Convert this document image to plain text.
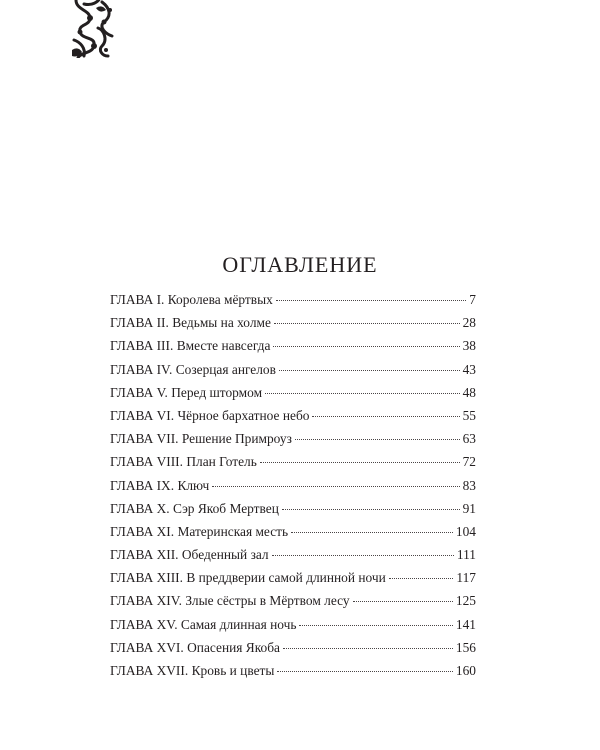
ОГЛАВЛЕНИЕ
ГЛАВА I. Королева мёртвых	7
ГЛАВА II. Ведьмы на холме	28
ГЛАВА III. Вместе навсегда	38
ГЛАВА IV. Созерцая ангелов	43
ГЛАВА V. Перед штормом	48
ГЛАВА VI. Чёрное бархатное небо	55
ГЛАВА VII. Решение Примроуз	63
ГЛАВА VIII. План Готель	72
ГЛАВА IX. Ключ	83
ГЛАВА X. Сэр Якоб Мертвец	91
ГЛАВА XI. Материнская месть	104
ГЛАВА XII. Обеденный зал	111
ГЛАВА XIII. В преддверии самой длинной ночи	117
ГЛАВА XIV. Злые сёстры в Мёртвом лесу	125
ГЛАВА XV. Самая длинная ночь	141
ГЛАВА XVI. Опасения Якоба	156
ГЛАВА XVII. Кровь и цветы	160
